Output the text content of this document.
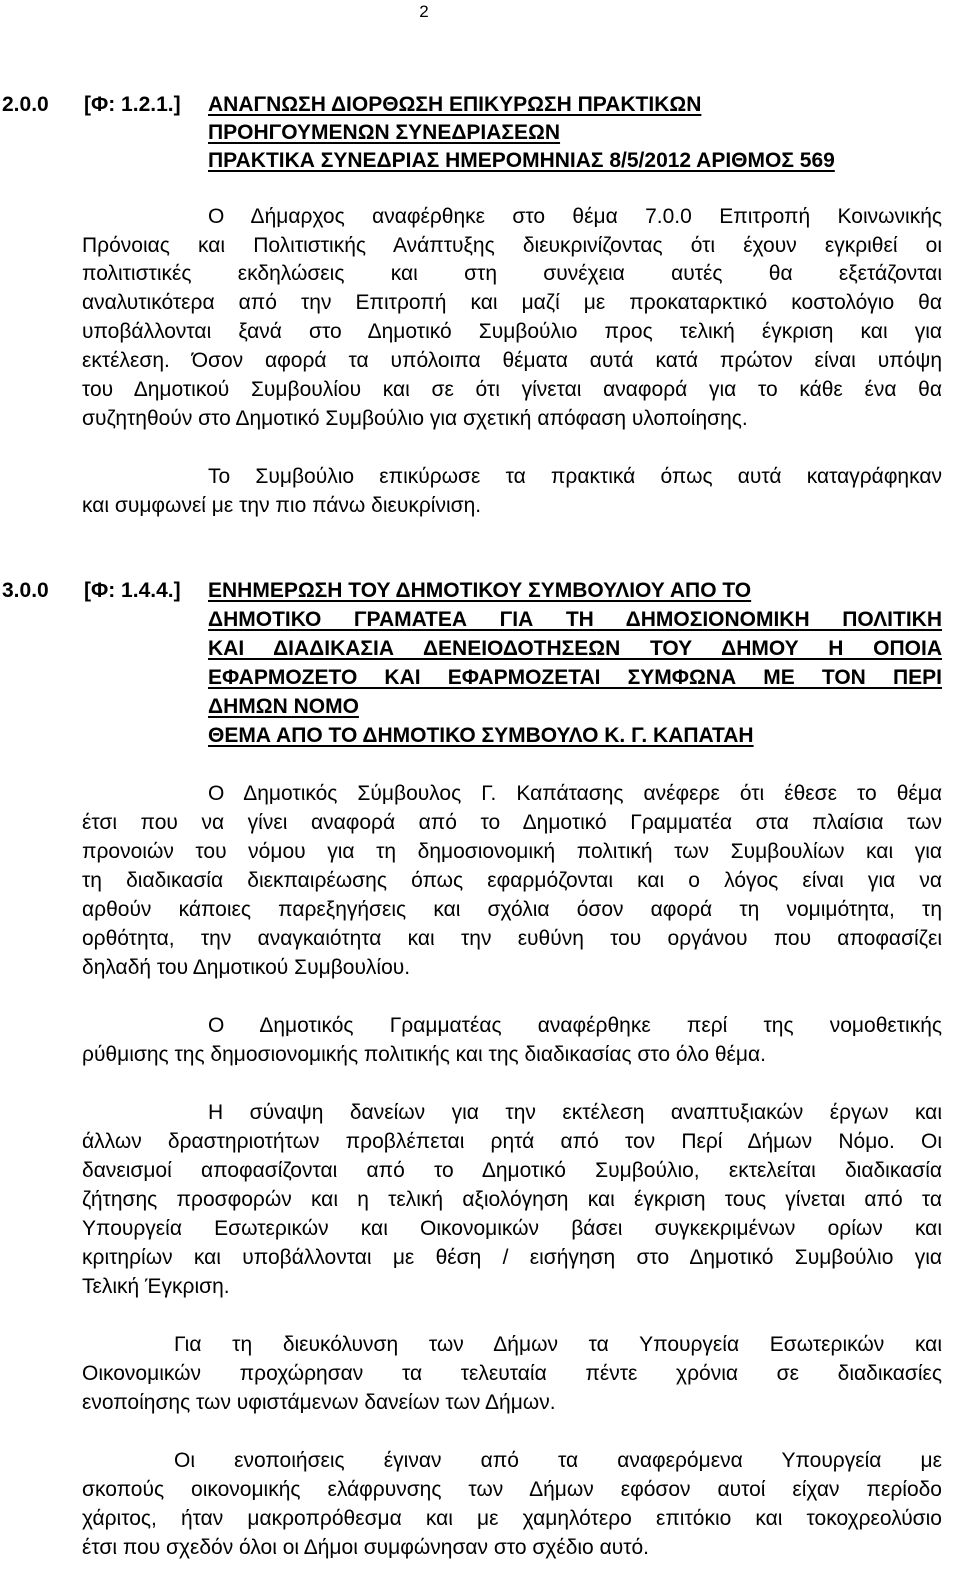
2
2.0.0 [Φ: 1.2.1.] ΑΝΑΓΝΩΣΗ ΔΙΟΡΘΩΣΗ ΕΠΙΚΥΡΩΣΗ ΠΡΑΚΤΙΚΩΝ
ΠΡΟΗΓΟΥΜΕΝΩΝ ΣΥΝΕΔΡΙΑΣΕΩΝ
ΠΡΑΚΤΙΚΑ ΣΥΝΕΔΡΙΑΣ ΗΜΕΡΟΜΗΝΙΑΣ 8/5/2012 ΑΡΙΘΜΟΣ 569
Ο Δήμαρχος αναφέρθηκε στο θέμα 7.0.0 Επιτροπή Κοινωνικής
Πρόνοιας και Πολιτιστικής Ανάπτυξης διευκρινίζοντας ότι έχουν εγκριθεί οι
πολιτιστικές εκδηλώσεις και στη συνέχεια αυτές θα εξετάζονται
αναλυτικότερα από την Επιτροπή και μαζί με προκαταρκτικό κοστολόγιο θα
υποβάλλονται ξανά στο Δημοτικό Συμβούλιο προς τελική έγκριση και για
εκτέλεση. Όσον αφορά τα υπόλοιπα θέματα αυτά κατά πρώτον είναι υπόψη
του Δημοτικού Συμβουλίου και σε ότι γίνεται αναφορά για το κάθε ένα θα
συζητηθούν στο Δημοτικό Συμβούλιο για σχετική απόφαση υλοποίησης.
Το Συμβούλιο επικύρωσε τα πρακτικά όπως αυτά καταγράφηκαν
και συμφωνεί με την πιο πάνω διευκρίνιση.
3.0.0 [Φ: 1.4.4.] ΕΝΗΜΕΡΩΣΗ ΤΟΥ ΔΗΜΟΤΙΚΟΥ ΣΥΜΒΟΥΛΙΟΥ ΑΠΟ ΤΟ
ΔΗΜΟΤΙΚΟ ΓΡΑΜΑΤΕΑ ΓΙΑ ΤΗ ΔΗΜΟΣΙΟΝΟΜΙΚΗ ΠΟΛΙΤΙΚΗ
ΚΑΙ ΔΙΑΔΙΚΑΣΙΑ ΔΕΝΕΙΟΔΟΤΗΣΕΩΝ ΤΟΥ ΔΗΜΟΥ Η ΟΠΟΙΑ
ΕΦΑΡΜΟΖΕΤΟ ΚΑΙ ΕΦΑΡΜΟΖΕΤΑΙ ΣΥΜΦΩΝΑ ΜΕ ΤΟΝ ΠΕΡΙ
ΔΗΜΩΝ ΝΟΜΟ
ΘΕΜΑ ΑΠΟ ΤΟ ΔΗΜΟΤΙΚΟ ΣΥΜΒΟΥΛΟ Κ. Γ. ΚΑΠΑΤΑΗ
Ο Δημοτικός Σύμβουλος Γ. Καπάτασης ανέφερε ότι έθεσε το θέμα
έτσι που να γίνει αναφορά από το Δημοτικό Γραμματέα στα πλαίσια των
προνοιών του νόμου για τη δημοσιονομική πολιτική των Συμβουλίων και για
τη διαδικασία διεκπαιρέωσης όπως εφαρμόζονται και ο λόγος είναι για να
αρθούν κάποιες παρεξηγήσεις και σχόλια όσον αφορά τη νομιμότητα, τη
ορθότητα, την αναγκαιότητα και την ευθύνη του οργάνου που αποφασίζει
δηλαδή του Δημοτικού Συμβουλίου.
Ο Δημοτικός Γραμματέας αναφέρθηκε περί της νομοθετικής
ρύθμισης της δημοσιονομικής πολιτικής και της διαδικασίας στο όλο θέμα.
Η σύναψη δανείων για την εκτέλεση αναπτυξιακών έργων και
άλλων δραστηριοτήτων προβλέπεται ρητά από τον Περί Δήμων Νόμο. Οι
δανεισμοί αποφασίζονται από το Δημοτικό Συμβούλιο, εκτελείται διαδικασία
ζήτησης προσφορών και η τελική αξιολόγηση και έγκριση τους γίνεται από τα
Υπουργεία Εσωτερικών και Οικονομικών βάσει συγκεκριμένων ορίων και
κριτηρίων και υποβάλλονται με θέση / εισήγηση στο Δημοτικό Συμβούλιο για
Τελική Έγκριση.
Για τη διευκόλυνση των Δήμων τα Υπουργεία Εσωτερικών και
Οικονομικών προχώρησαν τα τελευταία πέντε χρόνια σε διαδικασίες
ενοποίησης των υφιστάμενων δανείων των Δήμων.
Οι ενοποιήσεις έγιναν από τα αναφερόμενα Υπουργεία με
σκοπούς οικονομικής ελάφρυνσης των Δήμων εφόσον αυτοί είχαν περίοδο
χάριτος, ήταν μακροπρόθεσμα και με χαμηλότερο επιτόκιο και τοκοχρεολύσιο
έτσι που σχεδόν όλοι οι Δήμοι συμφώνησαν στο σχέδιο αυτό.
